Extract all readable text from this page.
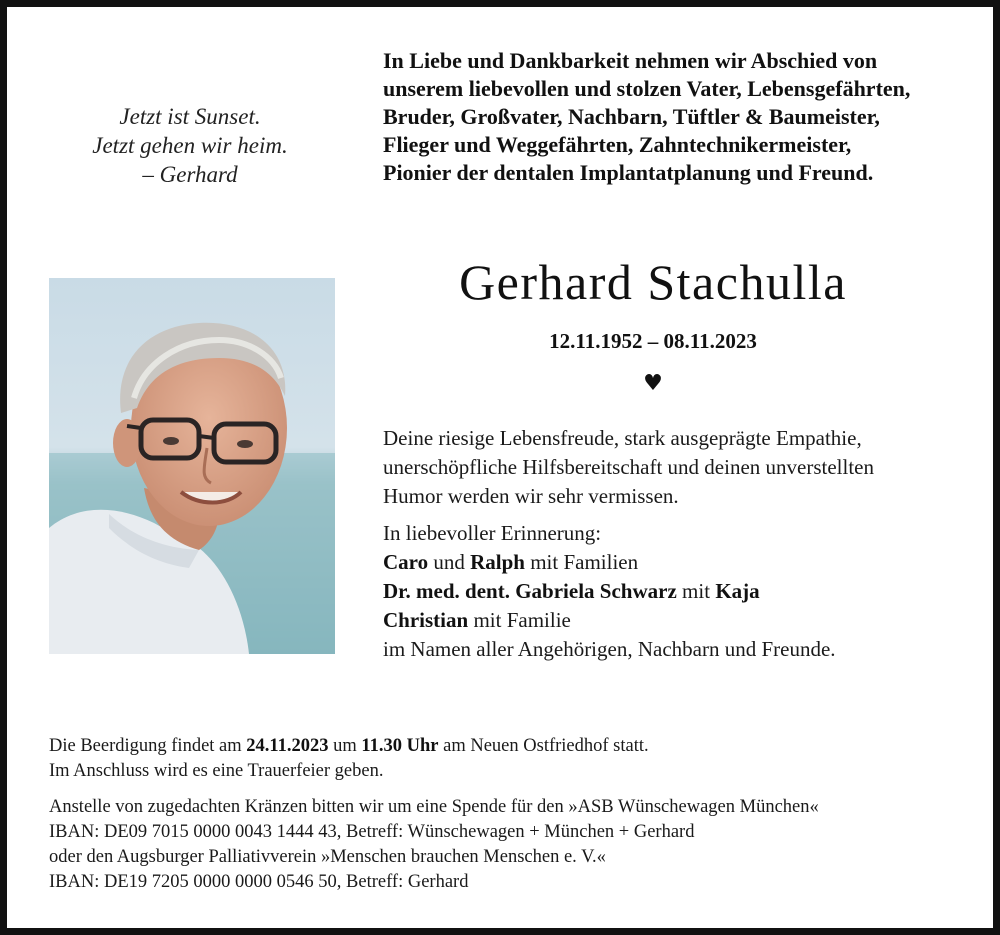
Jetzt ist Sunset.
Jetzt gehen wir heim.
– Gerhard
In Liebe und Dankbarkeit nehmen wir Abschied von
unserem liebevollen und stolzen Vater, Lebensgefährten,
Bruder, Großvater, Nachbarn, Tüftler & Baumeister,
Flieger und Weggefährten, Zahntechnikermeister,
Pionier der dentalen Implantatplanung und Freund.
Gerhard Stachulla
12.11.1952 – 08.11.2023
♥
Deine riesige Lebensfreude, stark ausgeprägte Empathie,
unerschöpfliche Hilfsbereitschaft und deinen unverstellten
Humor werden wir sehr vermissen.
In liebevoller Erinnerung:
Caro und Ralph mit Familien
Dr. med. dent. Gabriela Schwarz mit Kaja
Christian mit Familie
im Namen aller Angehörigen, Nachbarn und Freunde.
Die Beerdigung findet am 24.11.2023 um 11.30 Uhr am Neuen Ostfriedhof statt.
Im Anschluss wird es eine Trauerfeier geben.
Anstelle von zugedachten Kränzen bitten wir um eine Spende für den »ASB Wünschewagen München«
IBAN: DE09 7015 0000 0043 1444 43, Betreff: Wünschewagen + München + Gerhard
oder den Augsburger Palliativverein »Menschen brauchen Menschen e. V.«
IBAN: DE19 7205 0000 0000 0546 50, Betreff: Gerhard
